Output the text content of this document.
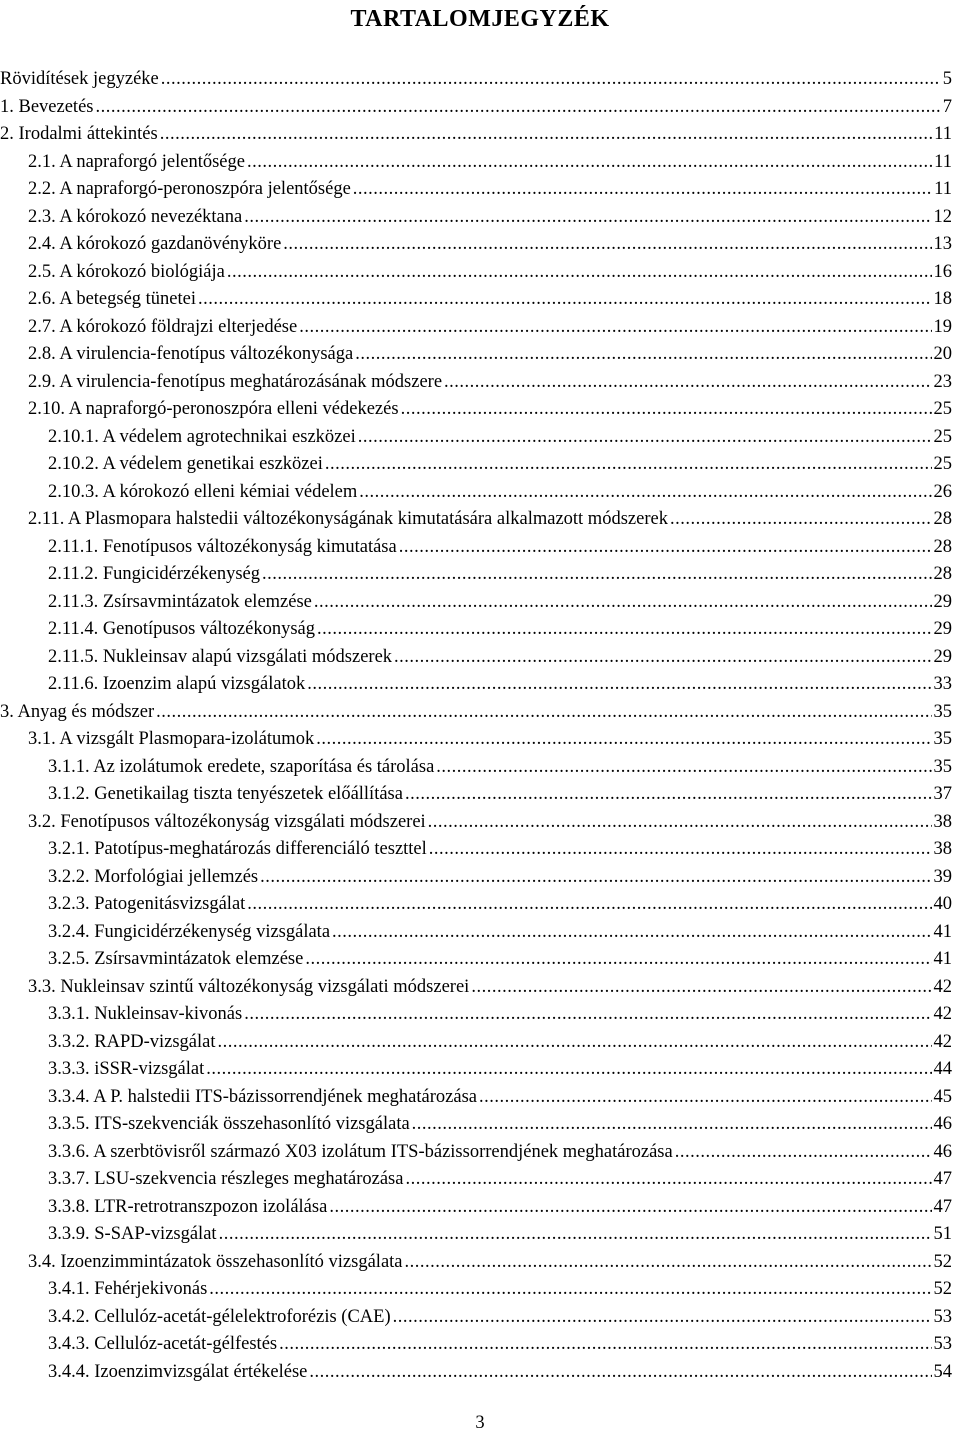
TARTALOMJEGYZÉK
Rövidítések jegyzéke .....	5
1. Bevezetés .....	7
2. Irodalmi áttekintés .....	11
2.1. A napraforgó jelentősége .....	11
2.2. A napraforgó-peronoszpóra jelentősége .....	11
2.3. A kórokozó nevezéktana .....	12
2.4. A kórokozó gazdanövényköre .....	13
2.5. A kórokozó biológiája .....	16
2.6. A betegség tünetei .....	18
2.7. A kórokozó földrajzi elterjedése .....	19
2.8. A virulencia-fenotípus változékonysága .....	20
2.9. A virulencia-fenotípus meghatározásának módszere .....	23
2.10. A napraforgó-peronoszpóra elleni védekezés .....	25
2.10.1. A védelem agrotechnikai eszközei .....	25
2.10.2. A védelem genetikai eszközei .....	25
2.10.3. A kórokozó elleni kémiai védelem .....	26
2.11. A Plasmopara halstedii változékonyságának kimutatására alkalmazott módszerek .....	28
2.11.1. Fenotípusos változékonyság kimutatása .....	28
2.11.2. Fungicidérzékenység .....	28
2.11.3. Zsírsavmintázatok elemzése .....	29
2.11.4. Genotípusos változékonyság .....	29
2.11.5. Nukleinsav alapú vizsgálati módszerek .....	29
2.11.6. Izoenzim alapú vizsgálatok .....	33
3. Anyag és módszer .....	35
3.1. A vizsgált Plasmopara-izolátumok .....	35
3.1.1. Az izolátumok eredete, szaporítása és tárolása .....	35
3.1.2. Genetikailag tiszta tenyészetek előállítása .....	37
3.2. Fenotípusos változékonyság vizsgálati módszerei .....	38
3.2.1. Patotípus-meghatározás differenciáló teszttel .....	38
3.2.2. Morfológiai jellemzés .....	39
3.2.3. Patogenitásvizsgálat .....	40
3.2.4. Fungicidérzékenység vizsgálata .....	41
3.2.5. Zsírsavmintázatok elemzése .....	41
3.3. Nukleinsav szintű változékonyság vizsgálati módszerei .....	42
3.3.1. Nukleinsav-kivonás .....	42
3.3.2. RAPD-vizsgálat .....	42
3.3.3. iSSR-vizsgálat .....	44
3.3.4. A P. halstedii ITS-bázissorrendjének meghatározása .....	45
3.3.5. ITS-szekvenciák összehasonlító vizsgálata .....	46
3.3.6. A szerbtövisről származó X03 izolátum ITS-bázissorrendjének meghatározása .....	46
3.3.7. LSU-szekvencia részleges meghatározása .....	47
3.3.8. LTR-retrotranszpozon izolálása .....	47
3.3.9. S-SAP-vizsgálat .....	51
3.4. Izoenzimmintázatok összehasonlító vizsgálata .....	52
3.4.1. Fehérjekivonás .....	52
3.4.2. Cellulóz-acetát-gélelektroforézis (CAE) .....	53
3.4.3. Cellulóz-acetát-gélfestés .....	53
3.4.4. Izoenzimvizsgálat értékelése .....	54
3
